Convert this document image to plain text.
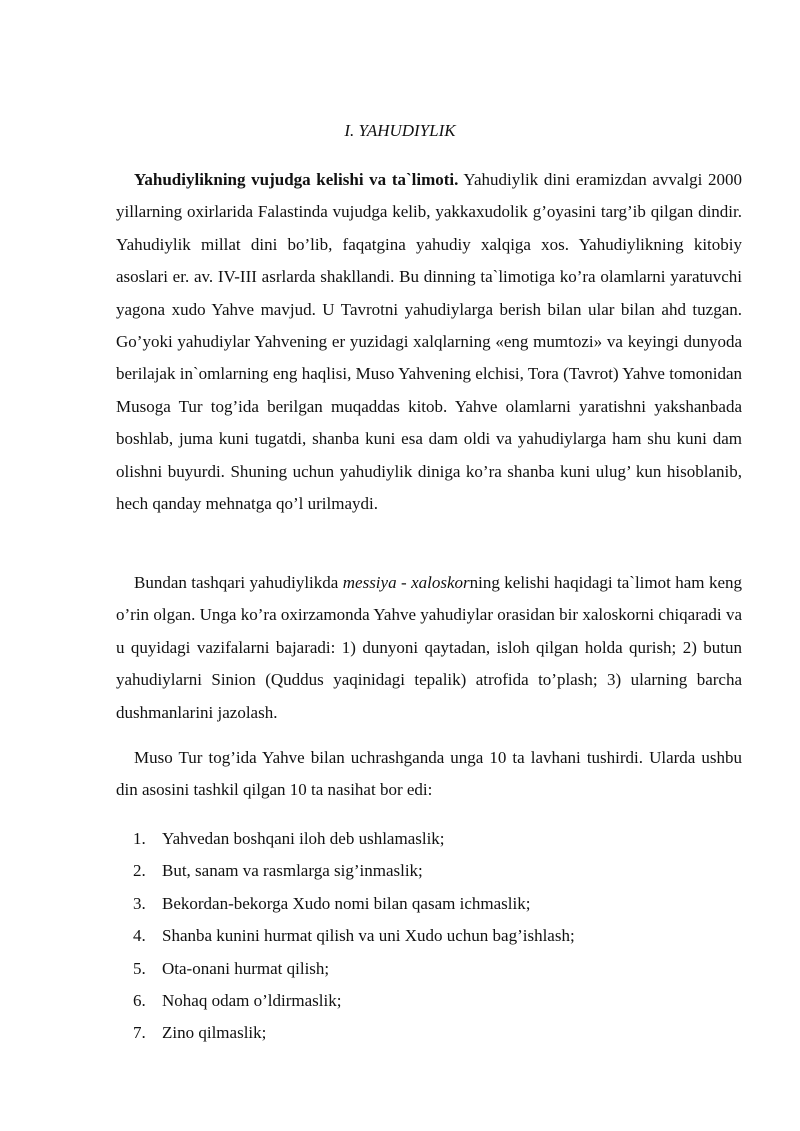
I. YAHUDIYLIK

Yahudiylikning vujudga kelishi va ta`limoti. Yahudiylik dini eramizdan avvalgi 2000 yillarning oxirlarida Falastinda vujudga kelib, yakkaxudolik g’oyasini targ’ib qilgan dindir. Yahudiylik millat dini bo’lib, faqatgina yahudiy xalqiga xos. Yahudiylikning kitobiy asoslari er. av. IV-III asrlarda shakllandi. Bu dinning ta`limotiga ko’ra olamlarni yaratuvchi yagona xudo Yahve mavjud. U Tavrotni yahudiylarga berish bilan ular bilan ahd tuzgan. Go’yoki yahudiylar Yahvening er yuzidagi xalqlarning «eng mumtozi» va keyingi dunyoda berilajak in`omlarning eng haqlisi, Muso Yahvening elchisi, Tora (Tavrot) Yahve tomonidan Musoga Tur tog’ida berilgan muqaddas kitob. Yahve olamlarni yaratishni yakshanbada boshlab, juma kuni tugatdi, shanba kuni esa dam oldi va yahudiylarga ham shu kuni dam olishni buyurdi. Shuning uchun yahudiylik diniga ko’ra shanba kuni ulug’ kun hisoblanib, hech qanday mehnatga qo’l urilmaydi.

Bundan tashqari yahudiylikda messiya - xaloskorning kelishi haqidagi ta`limot ham keng o’rin olgan. Unga ko’ra oxirzamonda Yahve yahudiylar orasidan bir xaloskorni chiqaradi va u quyidagi vazifalarni bajaradi: 1) dunyoni qaytadan, isloh qilgan holda qurish; 2) butun yahudiylarni Sinion (Quddus yaqinidagi tepalik) atrofida to’plash; 3) ularning barcha dushmanlarini jazolash.

Muso Tur tog’ida Yahve bilan uchrashganda unga 10 ta lavhani tushirdi. Ularda ushbu din asosini tashkil qilgan 10 ta nasihat bor edi:

1. Yahvedan boshqani iloh deb ushlamaslik;
2. But, sanam va rasmlarga sig’inmaslik;
3. Bekordan-bekorga Xudo nomi bilan qasam ichmaslik;
4. Shanba kunini hurmat qilish va uni Xudo uchun bag’ishlash;
5. Ota-onani hurmat qilish;
6. Nohaq odam o’ldirmaslik;
7. Zino qilmaslik;
